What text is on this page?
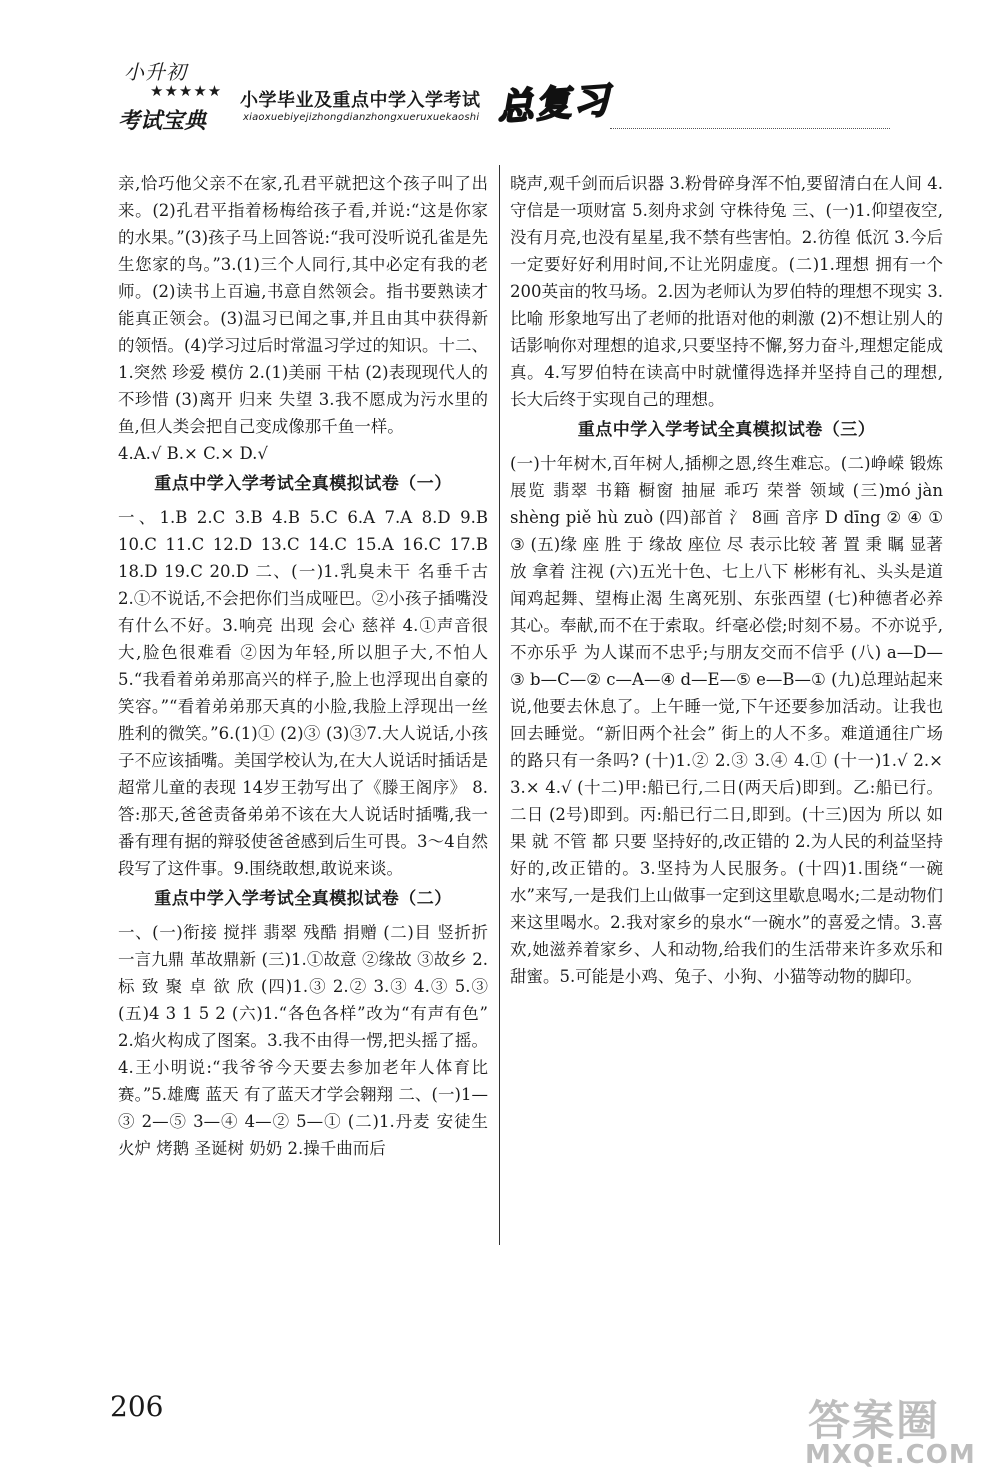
小升初
★★★★★
考试宝典
小学毕业及重点中学入学考试
xiaoxuebiyejizhongdianzhongxueruxuekaoshi 总复习

亲,恰巧他父亲不在家,孔君平就把这个孩子叫了出来。(2)孔君平指着杨梅给孩子看,并说:“这是你家的水果。”(3)孩子马上回答说:“我可没听说孔雀是先生您家的鸟。”3.(1)三个人同行,其中必定有我的老师。(2)读书上百遍,书意自然领会。指书要熟读才能真正领会。(3)温习已闻之事,并且由其中获得新的领悟。(4)学习过后时常温习学过的知识。十二、1.突然 珍爱 模仿 2.(1)美丽 干枯 (2)表现现代人的不珍惜 (3)离开 归来 失望 3.我不愿成为污水里的鱼,但人类会把自己变成像那千鱼一样。

4.A.√ B.× C.× D.√

重点中学入学考试全真模拟试卷（一）

一、1.B 2.C 3.B 4.B 5.C 6.A 7.A 8.D 9.B 10.C 11.C 12.D 13.C 14.C 15.A 16.C 17.B 18.D 19.C 20.D 二、(一)1.乳臭未干 名垂千古 2.①不说话,不会把你们当成哑巴。②小孩子插嘴没有什么不好。3.响亮 出现 会心 慈祥 4.①声音很大,脸色很难看 ②因为年轻,所以胆子大,不怕人 5.“我看着弟弟那高兴的样子,脸上也浮现出自豪的笑容。”“看着弟弟那天真的小脸,我脸上浮现出一丝胜利的微笑。”6.(1)① (2)③ (3)③7.大人说话,小孩子不应该插嘴。美国学校认为,在大人说话时插话是超常儿童的表现 14岁王勃写出了《滕王阁序》 8.答:那天,爸爸责备弟弟不该在大人说话时插嘴,我一番有理有据的辩驳使爸爸感到后生可畏。3～4自然段写了这件事。9.围绕敢想,敢说来谈。

重点中学入学考试全真模拟试卷（二）

一、(一)衔接 搅拌 翡翠 残酷 捐赠 (二)目 竖折折 一言九鼎 革故鼎新 (三)1.①故意 ②缘故 ③故乡 2.标 致 聚 卓 欲 欣 (四)1.③ 2.② 3.③ 4.③ 5.③ (五)4 3 1 5 2 (六)1.“各色各样”改为“有声有色” 2.焰火构成了图案。3.我不由得一愣,把头摇了摇。4.王小明说:“我爷爷今天要去参加老年人体育比赛。”5.雄鹰 蓝天 有了蓝天才学会翱翔 二、(一)1—③ 2—⑤ 3—④ 4—② 5—① (二)1.丹麦 安徒生 火炉 烤鹅 圣诞树 奶奶 2.操千曲而后

晓声,观千剑而后识器 3.粉骨碎身浑不怕,要留清白在人间 4.守信是一项财富 5.刻舟求剑 守株待兔 三、(一)1.仰望夜空,没有月亮,也没有星星,我不禁有些害怕。2.彷徨 低沉 3.今后一定要好好利用时间,不让光阴虚度。(二)1.理想 拥有一个200英亩的牧马场。2.因为老师认为罗伯特的理想不现实 3.比喻 形象地写出了老师的批语对他的刺激 (2)不想让别人的话影响你对理想的追求,只要坚持不懈,努力奋斗,理想定能成真。4.写罗伯特在读高中时就懂得选择并坚持自己的理想,长大后终于实现自己的理想。

重点中学入学考试全真模拟试卷（三）

(一)十年树木,百年树人,插柳之恩,终生难忘。(二)峥嵘 锻炼 展览 翡翠 书籍 橱窗 抽屉 乖巧 荣誉 领域 (三)mó jàn shèng piě hù zuò (四)部首 氵 8画 音序 D dīng ② ④ ① ③ (五)缘 座 胜 于 缘故 座位 尽 表示比较 著 置 秉 瞩 显著 放 拿着 注视 (六)五光十色、七上八下 彬彬有礼、头头是道 闻鸡起舞、望梅止渴 生离死别、东张西望 (七)种德者必养其心。奉献,而不在于索取。纤毫必偿;时刻不易。不亦说乎,不亦乐乎 为人谋而不忠乎;与朋友交而不信乎 (八) a—D—③ b—C—② c—A—④ d—E—⑤ e—B—① (九)总理站起来说,他要去休息了。上午睡一觉,下午还要参加活动。让我也回去睡觉。“新旧两个社会” 街上的人不多。难道通往广场的路只有一条吗? (十)1.② 2.③ 3.④ 4.① (十一)1.√ 2.× 3.× 4.√ (十二)甲:船已行,二日(两天后)即到。乙:船已行。二日 (2号)即到。丙:船已行二日,即到。(十三)因为 所以 如果 就 不管 都 只要 坚持好的,改正错的 2.为人民的利益坚持好的,改正错的。3.坚持为人民服务。(十四)1.围绕“一碗水”来写,一是我们上山做事一定到这里歇息喝水;二是动物们来这里喝水。2.我对家乡的泉水“一碗水”的喜爱之情。3.喜欢,她滋养着家乡、人和动物,给我们的生活带来许多欢乐和甜蜜。5.可能是小鸡、兔子、小狗、小猫等动物的脚印。

206	答案圈
MXQE.COM
